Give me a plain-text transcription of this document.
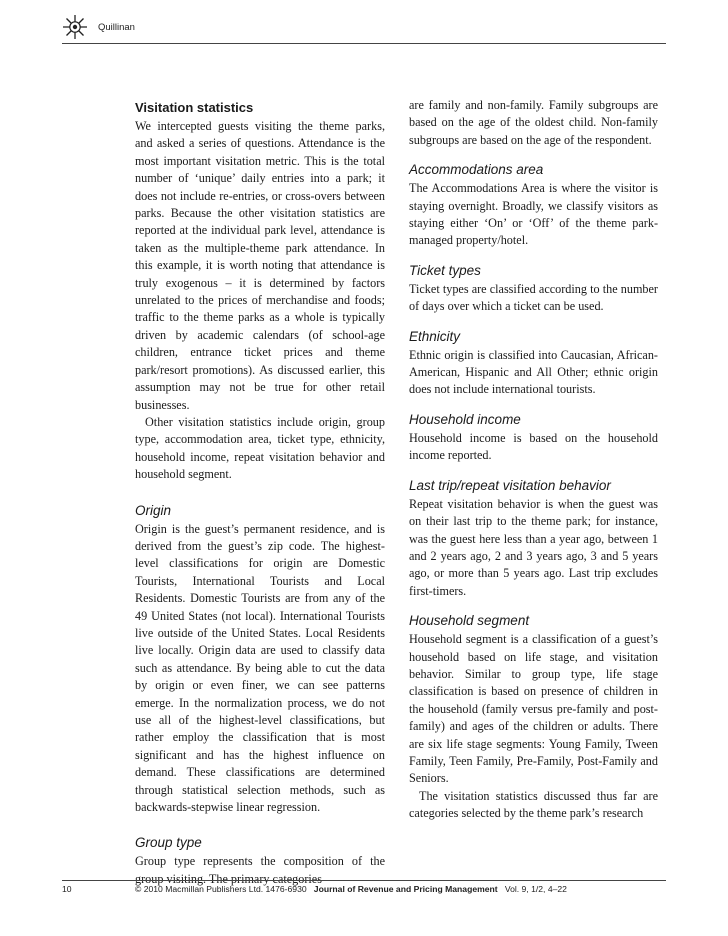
Quillinan
Visitation statistics

We intercepted guests visiting the theme parks, and asked a series of questions. Attendance is the most important visitation metric. This is the total number of ‘unique’ daily entries into a park; it does not include re-entries, or cross-overs between parks. Because the other visitation statistics are reported at the individual park level, attendance is taken as the multiple-theme park attendance. In this example, it is worth noting that attendance is truly exogenous – it is determined by factors unrelated to the prices of merchandise and foods; traffic to the theme parks as a whole is typically driven by academic calendars (of school-age children, entrance ticket prices and theme park/resort promotions). As discussed earlier, this assumption may not be true for other retail businesses.

Other visitation statistics include origin, group type, accommodation area, ticket type, ethnicity, household income, repeat visitation behavior and household segment.

Origin

Origin is the guest’s permanent residence, and is derived from the guest’s zip code. The highest-level classifications for origin are Domestic Tourists, International Tourists and Local Residents. Domestic Tourists are from any of the 49 United States (not local). International Tourists live outside of the United States. Local Residents live locally. Origin data are used to classify data such as attendance. By being able to cut the data by origin or even finer, we can see patterns emerge. In the normalization process, we do not use all of the highest-level classifications, but rather employ the classification that is most significant and has the highest influence on demand. These classifications are determined through statistical selection methods, such as backwards-stepwise linear regression.

Group type

Group type represents the composition of the group visiting. The primary categories

are family and non-family. Family subgroups are based on the age of the oldest child. Non-family subgroups are based on the age of the respondent.

Accommodations area

The Accommodations Area is where the visitor is staying overnight. Broadly, we classify visitors as staying either ‘On’ or ‘Off’ of the theme park-managed property/hotel.

Ticket types

Ticket types are classified according to the number of days over which a ticket can be used.

Ethnicity

Ethnic origin is classified into Caucasian, African-American, Hispanic and All Other; ethnic origin does not include international tourists.

Household income

Household income is based on the household income reported.

Last trip/repeat visitation behavior

Repeat visitation behavior is when the guest was on their last trip to the theme park; for instance, was the guest here less than a year ago, between 1 and 2 years ago, 2 and 3 years ago, 3 and 5 years ago, or more than 5 years ago. Last trip excludes first-timers.

Household segment

Household segment is a classification of a guest’s household based on life stage, and visitation behavior. Similar to group type, life stage classification is based on presence of children in the household (family versus pre-family and post-family) and ages of the children or adults. There are six life stage segments: Young Family, Tween Family, Teen Family, Pre-Family, Post-Family and Seniors.

The visitation statistics discussed thus far are categories selected by the theme park’s research

10	© 2010 Macmillan Publishers Ltd. 1476-6930 Journal of Revenue and Pricing Management Vol. 9, 1/2, 4–22
